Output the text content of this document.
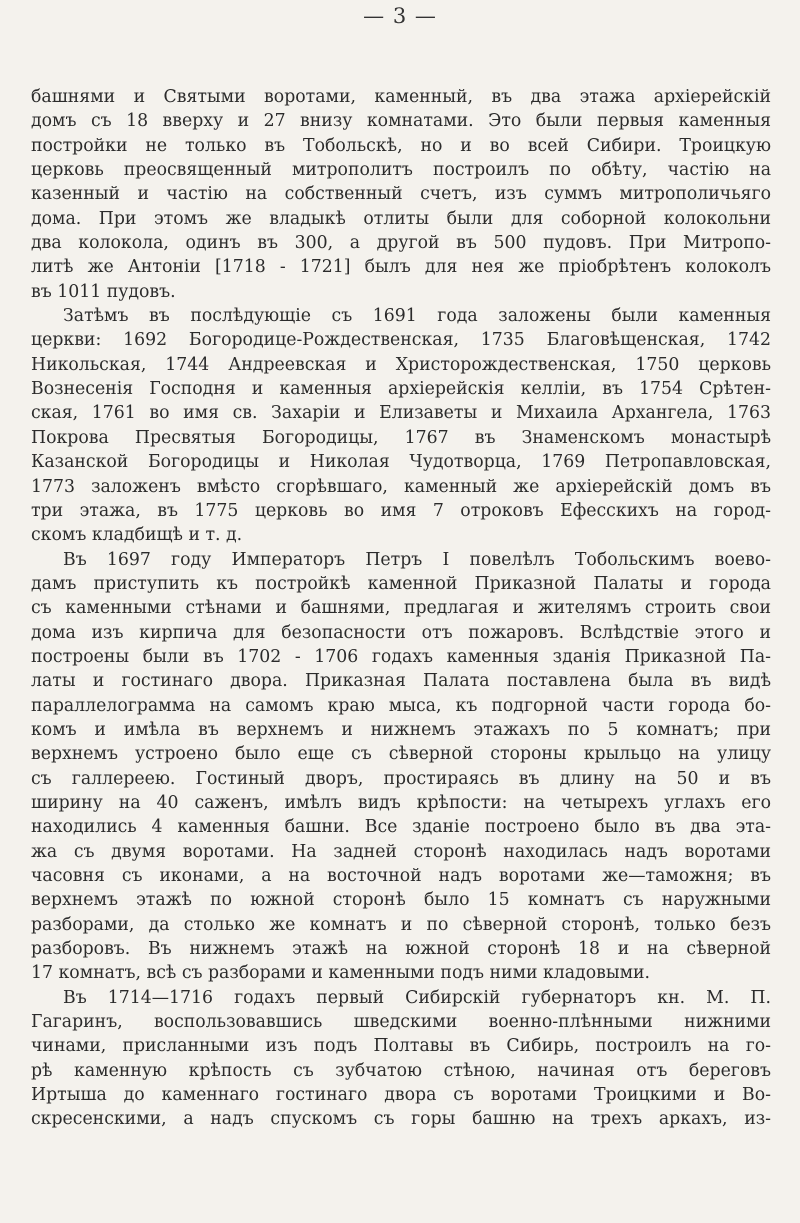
— 3 —
башнями и Святыми воротами, каменный, въ два этажа архіерейскій
домъ съ 18 вверху и 27 внизу комнатами. Это были первыя каменныя
постройки не только въ Тобольскѣ, но и во всей Сибири. Троицкую
церковь преосвященный митрополитъ построилъ по обѣту, частію на
казенный и частію на собственный счетъ, изъ суммъ митрополичьяго
дома. При этомъ же владыкѣ отлиты были для соборной колокольни
два колокола, одинъ въ 300, а другой въ 500 пудовъ. При Митропо-
литѣ же Антоніи [1718 - 1721] былъ для нея же пріобрѣтенъ колоколъ
въ 1011 пудовъ.
Затѣмъ въ послѣдующіе съ 1691 года заложены были каменныя
церкви: 1692 Богородице-Рождественская, 1735 Благовѣщенская, 1742
Никольская, 1744 Андреевская и Христорождественская, 1750 церковь
Вознесенія Господня и каменныя архіерейскія келліи, въ 1754 Срѣтен-
ская, 1761 во имя св. Захаріи и Елизаветы и Михаила Архангела, 1763
Покрова Пресвятыя Богородицы, 1767 въ Знаменскомъ монастырѣ
Казанской Богородицы и Николая Чудотворца, 1769 Петропавловская,
1773 заложенъ вмѣсто сгорѣвшаго, каменный же архіерейскій домъ въ
три этажа, въ 1775 церковь во имя 7 отроковъ Ефесскихъ на город-
скомъ кладбищѣ и т. д.
Въ 1697 году Императоръ Петръ I повелѣлъ Тобольскимъ воево-
дамъ приступить къ постройкѣ каменной Приказной Палаты и города
съ каменными стѣнами и башнями, предлагая и жителямъ строить свои
дома изъ кирпича для безопасности отъ пожаровъ. Вслѣдствіе этого и
построены были въ 1702 - 1706 годахъ каменныя зданія Приказной Па-
латы и гостинаго двора. Приказная Палата поставлена была въ видѣ
параллелограмма на самомъ краю мыса, къ подгорной части города бо-
комъ и имѣла въ верхнемъ и нижнемъ этажахъ по 5 комнатъ; при
верхнемъ устроено было еще съ сѣверной стороны крыльцо на улицу
съ галлереею. Гостиный дворъ, простираясь въ длину на 50 и въ
ширину на 40 саженъ, имѣлъ видъ крѣпости: на четырехъ углахъ его
находились 4 каменныя башни. Все зданіе построено было въ два эта-
жа съ двумя воротами. На задней сторонѣ находилась надъ воротами
часовня съ иконами, а на восточной надъ воротами же—таможня; въ
верхнемъ этажѣ по южной сторонѣ было 15 комнатъ съ наружными
разборами, да столько же комнатъ и по сѣверной сторонѣ, только безъ
разборовъ. Въ нижнемъ этажѣ на южной сторонѣ 18 и на сѣверной
17 комнатъ, всѣ съ разборами и каменными подъ ними кладовыми.
Въ 1714—1716 годахъ первый Сибирскій губернаторъ кн. М. П.
Гагаринъ, воспользовавшись шведскими военно-плѣнными нижними
чинами, присланными изъ подъ Полтавы въ Сибирь, построилъ на го-
рѣ каменную крѣпость съ зубчатою стѣною, начиная отъ береговъ
Иртыша до каменнаго гостинаго двора съ воротами Троицкими и Во-
скресенскими, а надъ спускомъ съ горы башню на трехъ аркахъ, из-
